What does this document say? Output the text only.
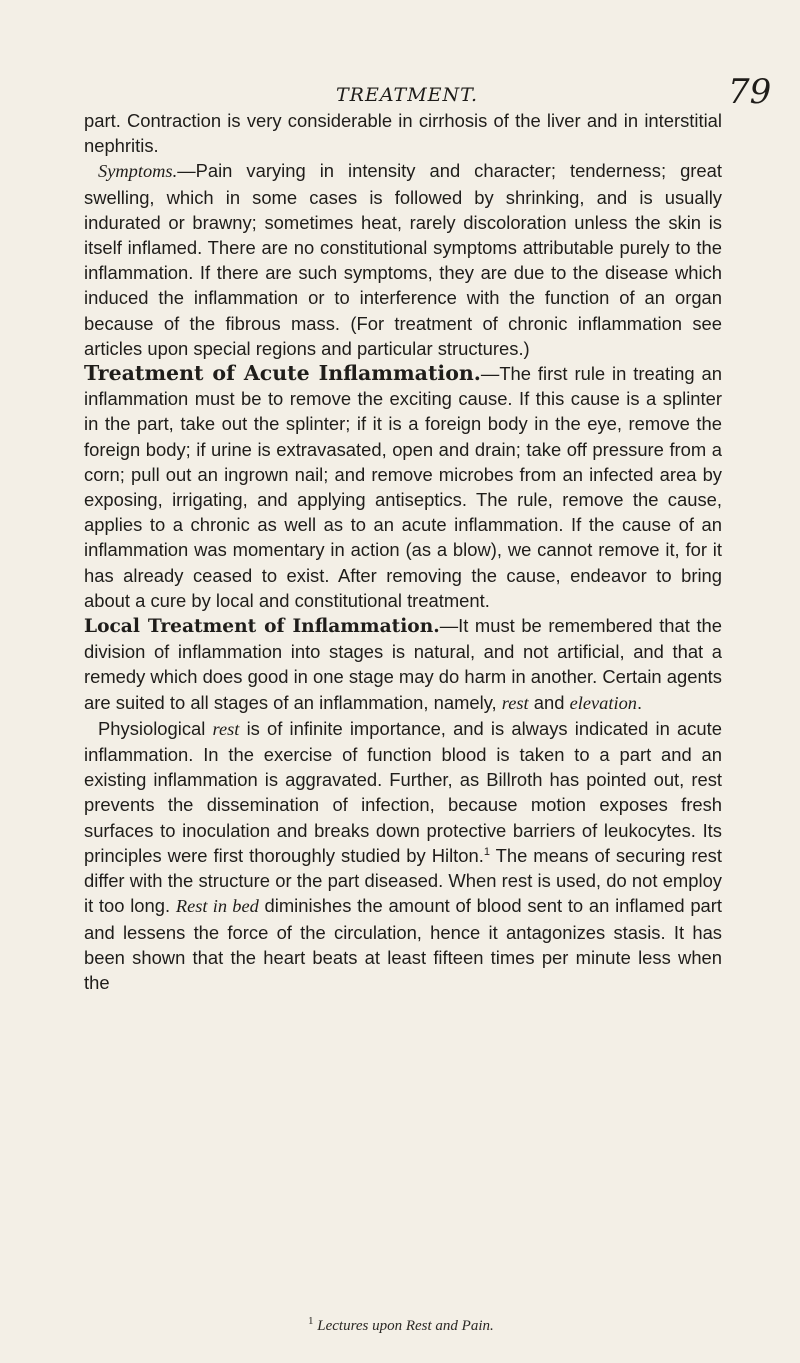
TREATMENT.	79

part. Contraction is very considerable in cirrhosis of the liver and in interstitial nephritis.

Symptoms.—Pain varying in intensity and character; tenderness; great swelling, which in some cases is followed by shrinking, and is usually indurated or brawny; sometimes heat, rarely discoloration unless the skin is itself inflamed. There are no constitutional symptoms attributable purely to the inflammation. If there are such symptoms, they are due to the disease which induced the inflammation or to interference with the function of an organ because of the fibrous mass. (For treatment of chronic inflammation see articles upon special regions and particular structures.)

Treatment of Acute Inflammation.—The first rule in treating an inflammation must be to remove the exciting cause. If this cause is a splinter in the part, take out the splinter; if it is a foreign body in the eye, remove the foreign body; if urine is extravasated, open and drain; take off pressure from a corn; pull out an ingrown nail; and remove microbes from an infected area by exposing, irrigating, and applying antiseptics. The rule, remove the cause, applies to a chronic as well as to an acute inflammation. If the cause of an inflammation was momentary in action (as a blow), we cannot remove it, for it has already ceased to exist. After removing the cause, endeavor to bring about a cure by local and constitutional treatment.

Local Treatment of Inflammation.—It must be remembered that the division of inflammation into stages is natural, and not artificial, and that a remedy which does good in one stage may do harm in another. Certain agents are suited to all stages of an inflammation, namely, rest and elevation.

Physiological rest is of infinite importance, and is always indicated in acute inflammation. In the exercise of function blood is taken to a part and an existing inflammation is aggravated. Further, as Billroth has pointed out, rest prevents the dissemination of infection, because motion exposes fresh surfaces to inoculation and breaks down protective barriers of leukocytes. Its principles were first thoroughly studied by Hilton.$^1$ The means of securing rest differ with the structure or the part diseased. When rest is used, do not employ it too long. Rest in bed diminishes the amount of blood sent to an inflamed part and lessens the force of the circulation, hence it antagonizes stasis. It has been shown that the heart beats at least fifteen times per minute less when the

$^1$ Lectures upon Rest and Pain.
